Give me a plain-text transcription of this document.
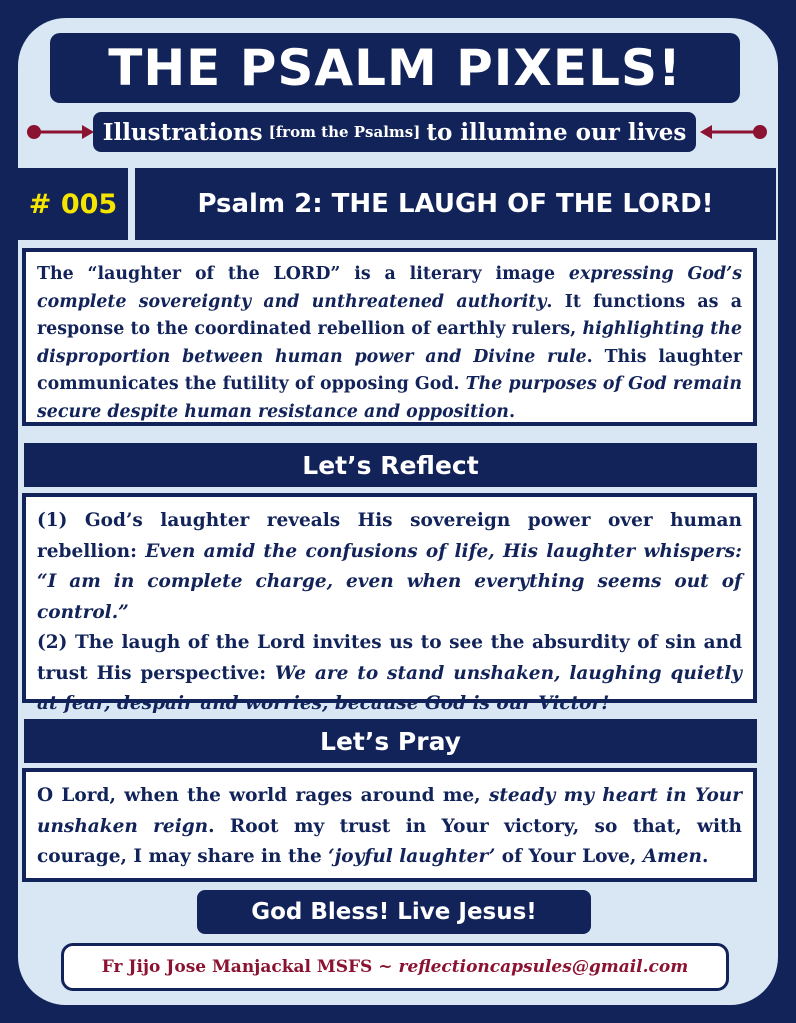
THE PSALM PIXELS!
Illustrations [from the Psalms] to illumine our lives
# 005	Psalm 2: THE LAUGH OF THE LORD!
The “laughter of the LORD” is a literary image expressing God’s complete sovereignty and unthreatened authority. It functions as a response to the coordinated rebellion of earthly rulers, highlighting the disproportion between human power and Divine rule. This laughter communicates the futility of opposing God. The purposes of God remain secure despite human resistance and opposition.
Let’s Reflect
(1) God’s laughter reveals His sovereign power over human rebellion: Even amid the confusions of life, His laughter whispers: “I am in complete charge, even when everything seems out of control.”
(2) The laugh of the Lord invites us to see the absurdity of sin and trust His perspective: We are to stand unshaken, laughing quietly at fear, despair and worries, because God is our Victor!
Let’s Pray
O Lord, when the world rages around me, steady my heart in Your unshaken reign. Root my trust in Your victory, so that, with courage, I may share in the ‘joyful laughter’ of Your Love, Amen.
God Bless! Live Jesus!
Fr Jijo Jose Manjackal MSFS ~ reflectioncapsules@gmail.com
